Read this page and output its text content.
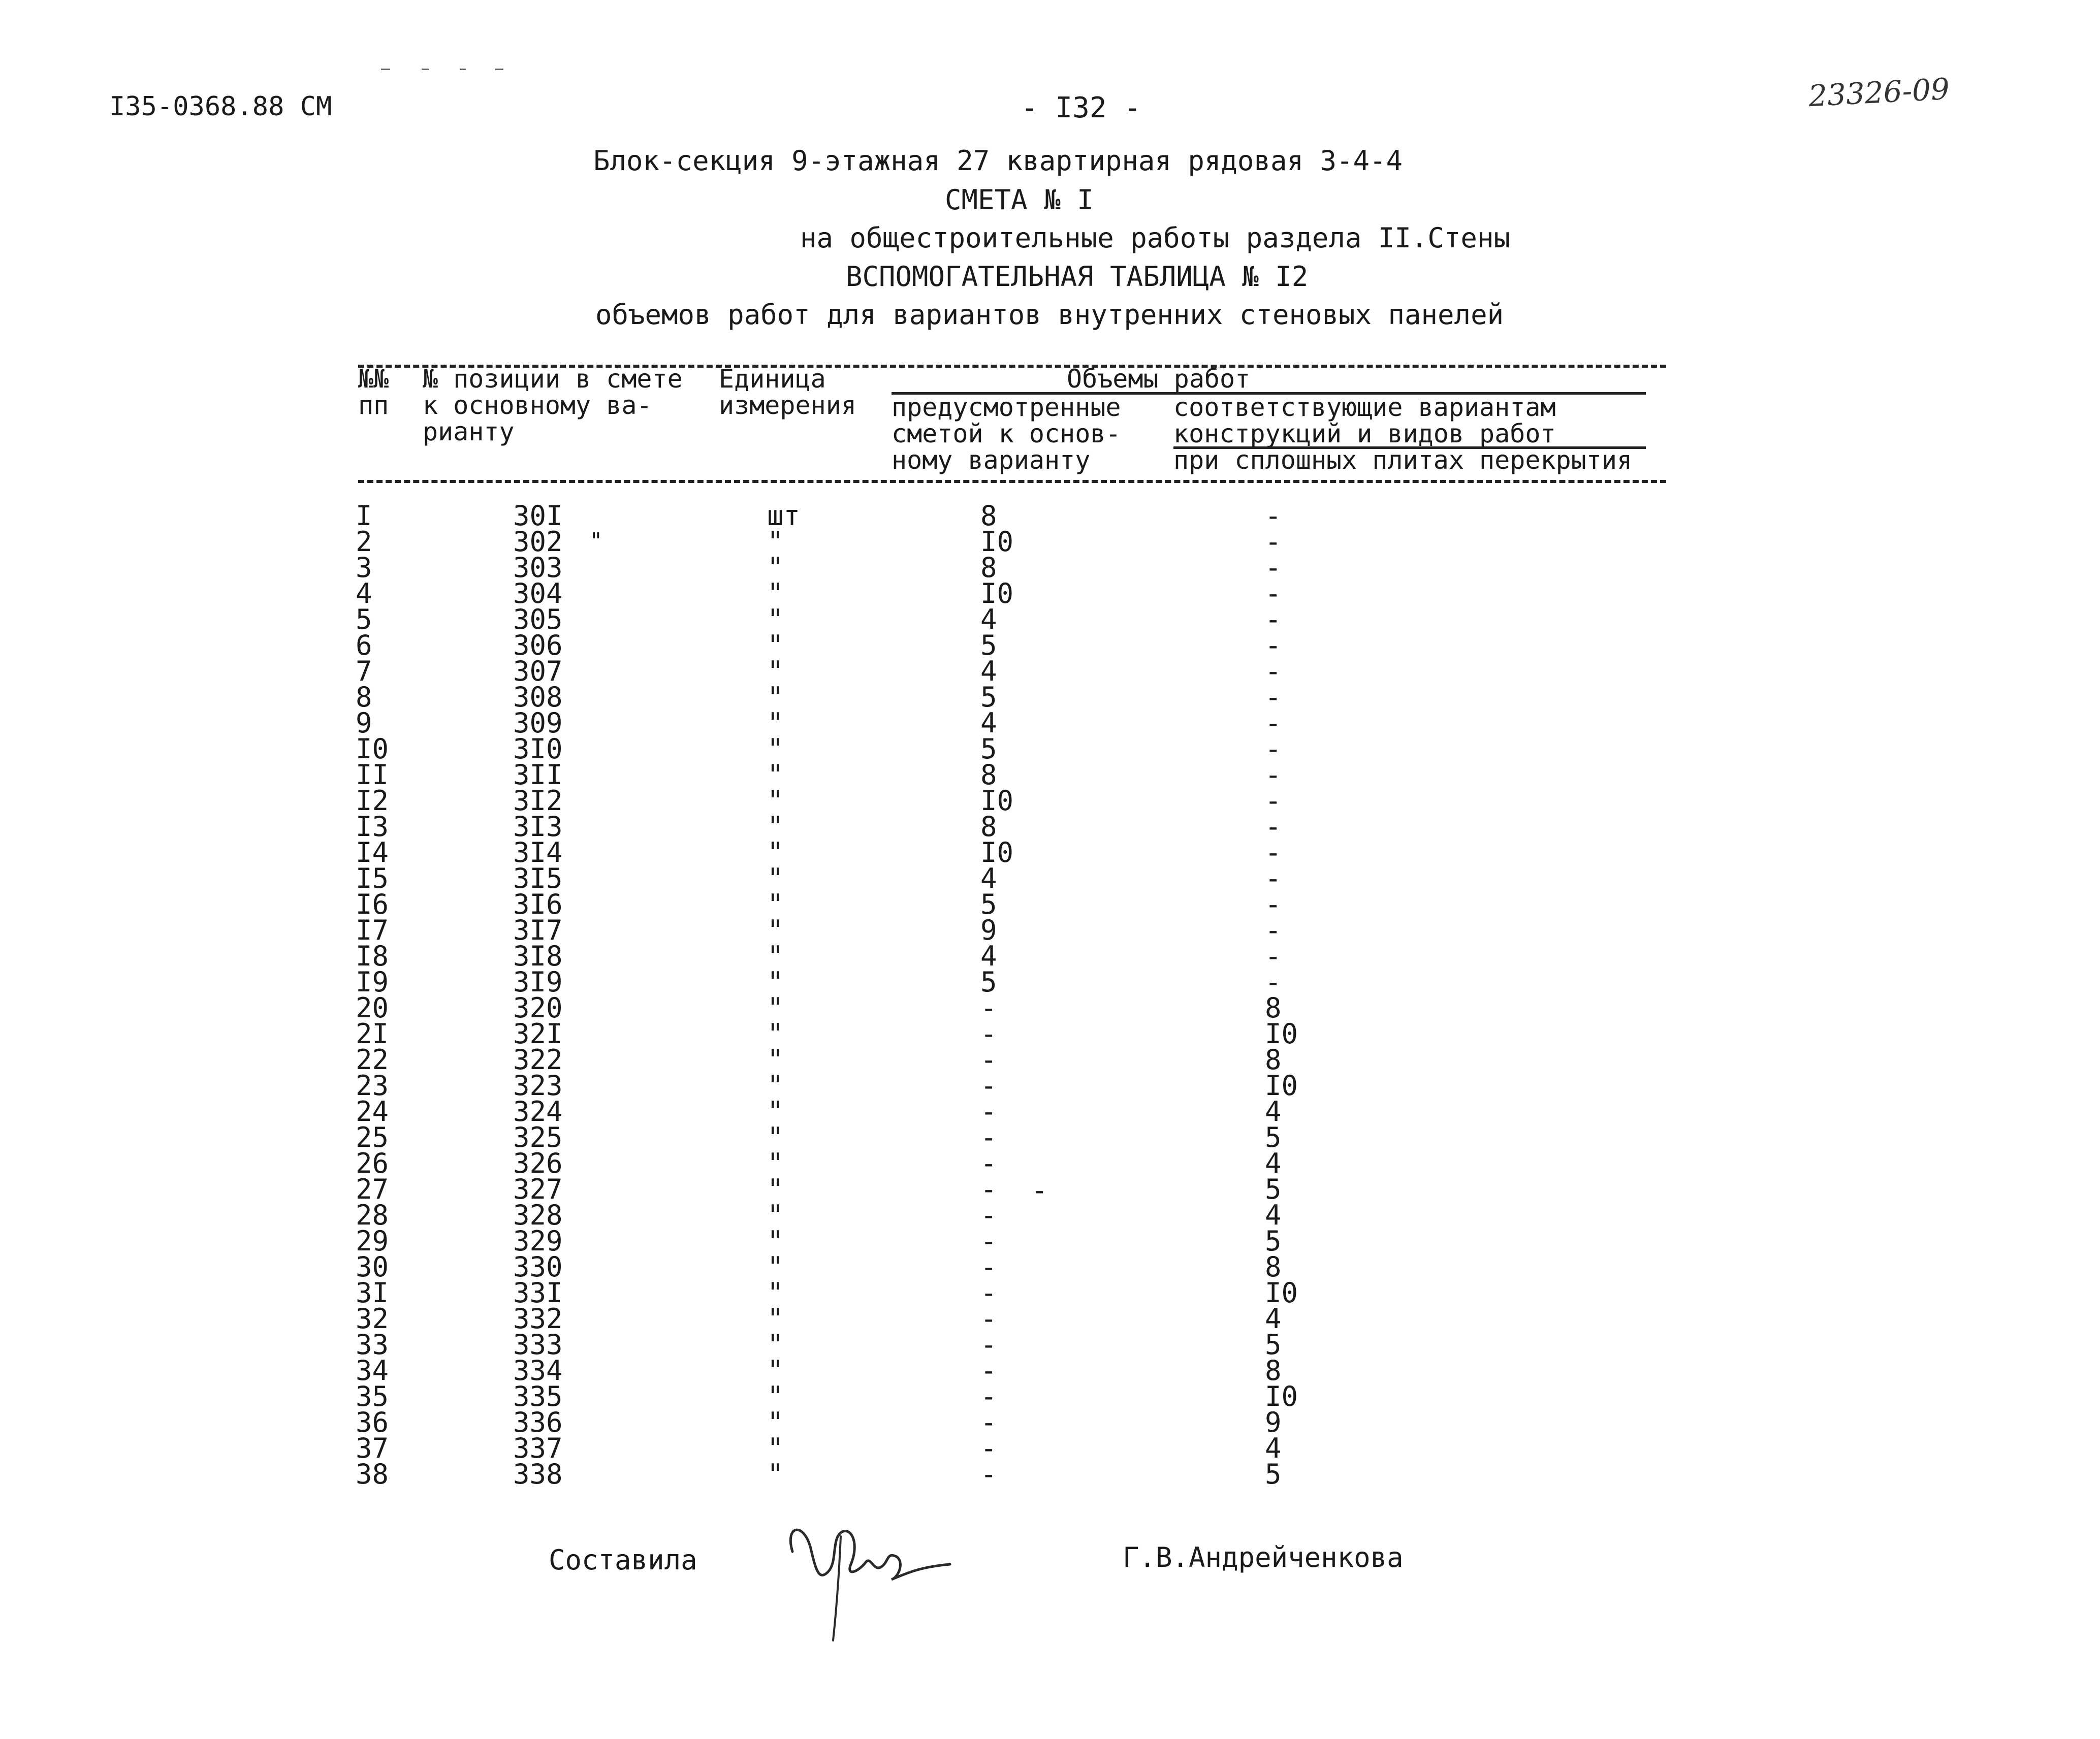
I35-0368.88 СМ	- I32 -	23326-09
Блок-секция 9-этажная 27 квартирная рядовая 3-4-4
СМЕТА № I
на общестроительные работы раздела II.Стены
ВСПОМОГАТЕЛЬНАЯ ТАБЛИЦА № I2
объемов работ для вариантов внутренних стеновых панелей
№№
пп
№ позиции в смете
к основному ва-
рианту
Единица
измерения
Объемы работ
предусмотренные
сметой к основ-
ному варианту
соответствующие вариантам
конструкций и видов работ
при сплошных плитах перекрытия
I	30I	шт	8	-
2	302	"	I0	-
3	303	"	8	-
4	304	"	I0	-
5	305	"	4	-
6	306	"	5	-
7	307	"	4	-
8	308	"	5	-
9	309	"	4	-
I0	3I0	"	5	-
II	3II	"	8	-
I2	3I2	"	I0	-
I3	3I3	"	8	-
I4	3I4	"	I0	-
I5	3I5	"	4	-
I6	3I6	"	5	-
I7	3I7	"	9	-
I8	3I8	"	4	-
I9	3I9	"	5	-
20	320	"	-	8
2I	32I	"	-	I0
22	322	"	-	8
23	323	"	-	I0
24	324	"	-	4
25	325	"	-	5
26	326	"	-	4
27	327	"	-	5
28	328	"	-	4
29	329	"	-	5
30	330	"	-	8
3I	33I	"	-	I0
32	332	"	-	4
33	333	"	-	5
34	334	"	-	8
35	335	"	-	I0
36	336	"	-	9
37	337	"	-	4
38	338	"	-	5
"
-
Составила	Г.В.Андрейченкова
